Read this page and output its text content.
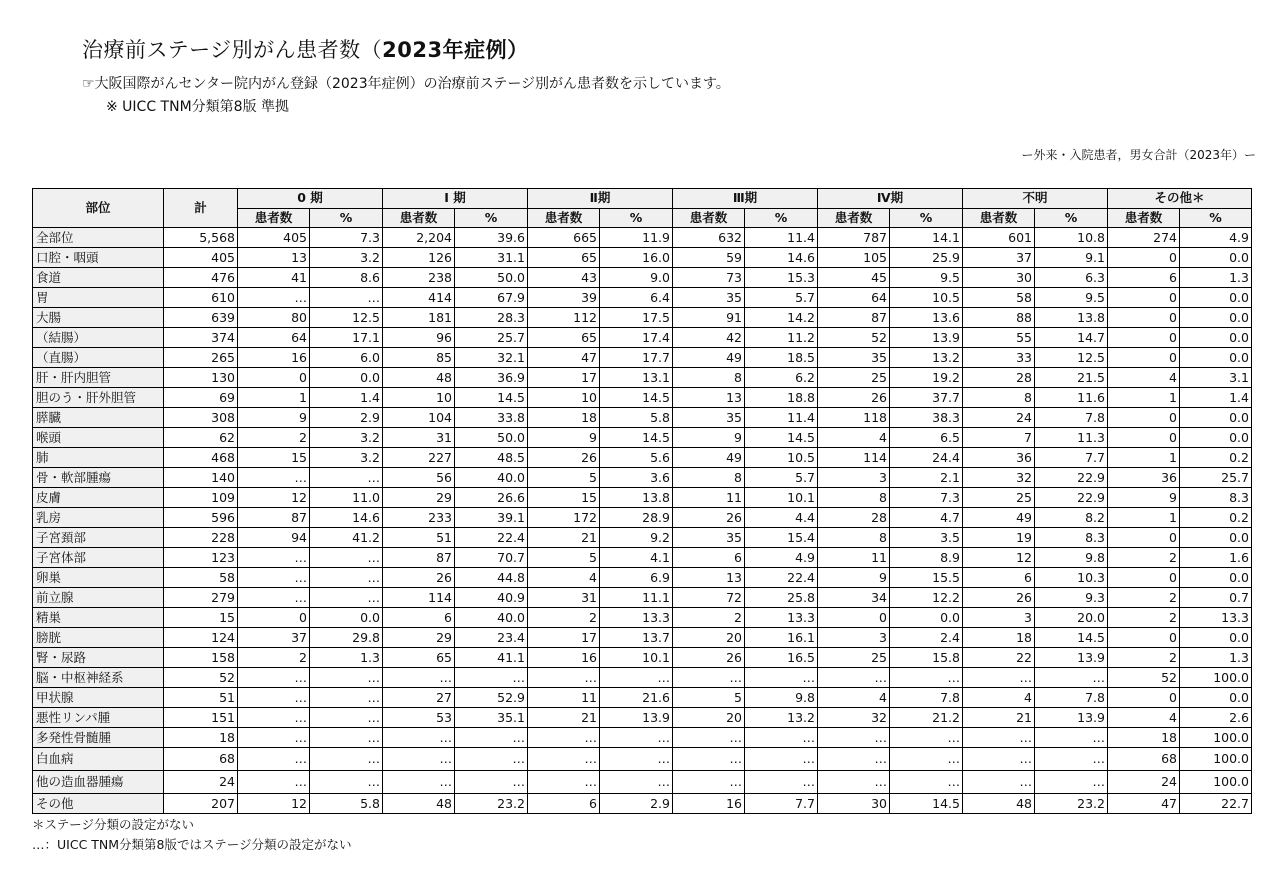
治療前ステージ別がん患者数（2023年症例）
☞大阪国際がんセンター院内がん登録（2023年症例）の治療前ステージ別がん患者数を示しています。
※ UICC TNM分類第8版 準拠
ー外来・入院患者，男女合計（2023年）ー
部位	計	0 期		Ⅰ 期		Ⅱ期		Ⅲ期		Ⅳ期		不明		その他＊	
		患者数	%	患者数	%	患者数	%	患者数	%	患者数	%	患者数	%	患者数	%
全部位	5,568	405	7.3	2,204	39.6	665	11.9	632	11.4	787	14.1	601	10.8	274	4.9
口腔・咽頭	405	13	3.2	126	31.1	65	16.0	59	14.6	105	25.9	37	9.1	0	0.0
食道	476	41	8.6	238	50.0	43	9.0	73	15.3	45	9.5	30	6.3	6	1.3
胃	610	…	…	414	67.9	39	6.4	35	5.7	64	10.5	58	9.5	0	0.0
大腸	639	80	12.5	181	28.3	112	17.5	91	14.2	87	13.6	88	13.8	0	0.0
（結腸）	374	64	17.1	96	25.7	65	17.4	42	11.2	52	13.9	55	14.7	0	0.0
（直腸）	265	16	6.0	85	32.1	47	17.7	49	18.5	35	13.2	33	12.5	0	0.0
肝・肝内胆管	130	0	0.0	48	36.9	17	13.1	8	6.2	25	19.2	28	21.5	4	3.1
胆のう・肝外胆管	69	1	1.4	10	14.5	10	14.5	13	18.8	26	37.7	8	11.6	1	1.4
膵臓	308	9	2.9	104	33.8	18	5.8	35	11.4	118	38.3	24	7.8	0	0.0
喉頭	62	2	3.2	31	50.0	9	14.5	9	14.5	4	6.5	7	11.3	0	0.0
肺	468	15	3.2	227	48.5	26	5.6	49	10.5	114	24.4	36	7.7	1	0.2
骨・軟部腫瘍	140	…	…	56	40.0	5	3.6	8	5.7	3	2.1	32	22.9	36	25.7
皮膚	109	12	11.0	29	26.6	15	13.8	11	10.1	8	7.3	25	22.9	9	8.3
乳房	596	87	14.6	233	39.1	172	28.9	26	4.4	28	4.7	49	8.2	1	0.2
子宮頚部	228	94	41.2	51	22.4	21	9.2	35	15.4	8	3.5	19	8.3	0	0.0
子宮体部	123	…	…	87	70.7	5	4.1	6	4.9	11	8.9	12	9.8	2	1.6
卵巣	58	…	…	26	44.8	4	6.9	13	22.4	9	15.5	6	10.3	0	0.0
前立腺	279	…	…	114	40.9	31	11.1	72	25.8	34	12.2	26	9.3	2	0.7
精巣	15	0	0.0	6	40.0	2	13.3	2	13.3	0	0.0	3	20.0	2	13.3
膀胱	124	37	29.8	29	23.4	17	13.7	20	16.1	3	2.4	18	14.5	0	0.0
腎・尿路	158	2	1.3	65	41.1	16	10.1	26	16.5	25	15.8	22	13.9	2	1.3
脳・中枢神経系	52	…	…	…	…	…	…	…	…	…	…	…	…	52	100.0
甲状腺	51	…	…	27	52.9	11	21.6	5	9.8	4	7.8	4	7.8	0	0.0
悪性リンパ腫	151	…	…	53	35.1	21	13.9	20	13.2	32	21.2	21	13.9	4	2.6
多発性骨髄腫	18	…	…	…	…	…	…	…	…	…	…	…	…	18	100.0
白血病	68	…	…	…	…	…	…	…	…	…	…	…	…	68	100.0
他の造血器腫瘍	24	…	…	…	…	…	…	…	…	…	…	…	…	24	100.0
その他	207	12	5.8	48	23.2	6	2.9	16	7.7	30	14.5	48	23.2	47	22.7
＊ステージ分類の設定がない
…：UICC TNM分類第8版ではステージ分類の設定がない
